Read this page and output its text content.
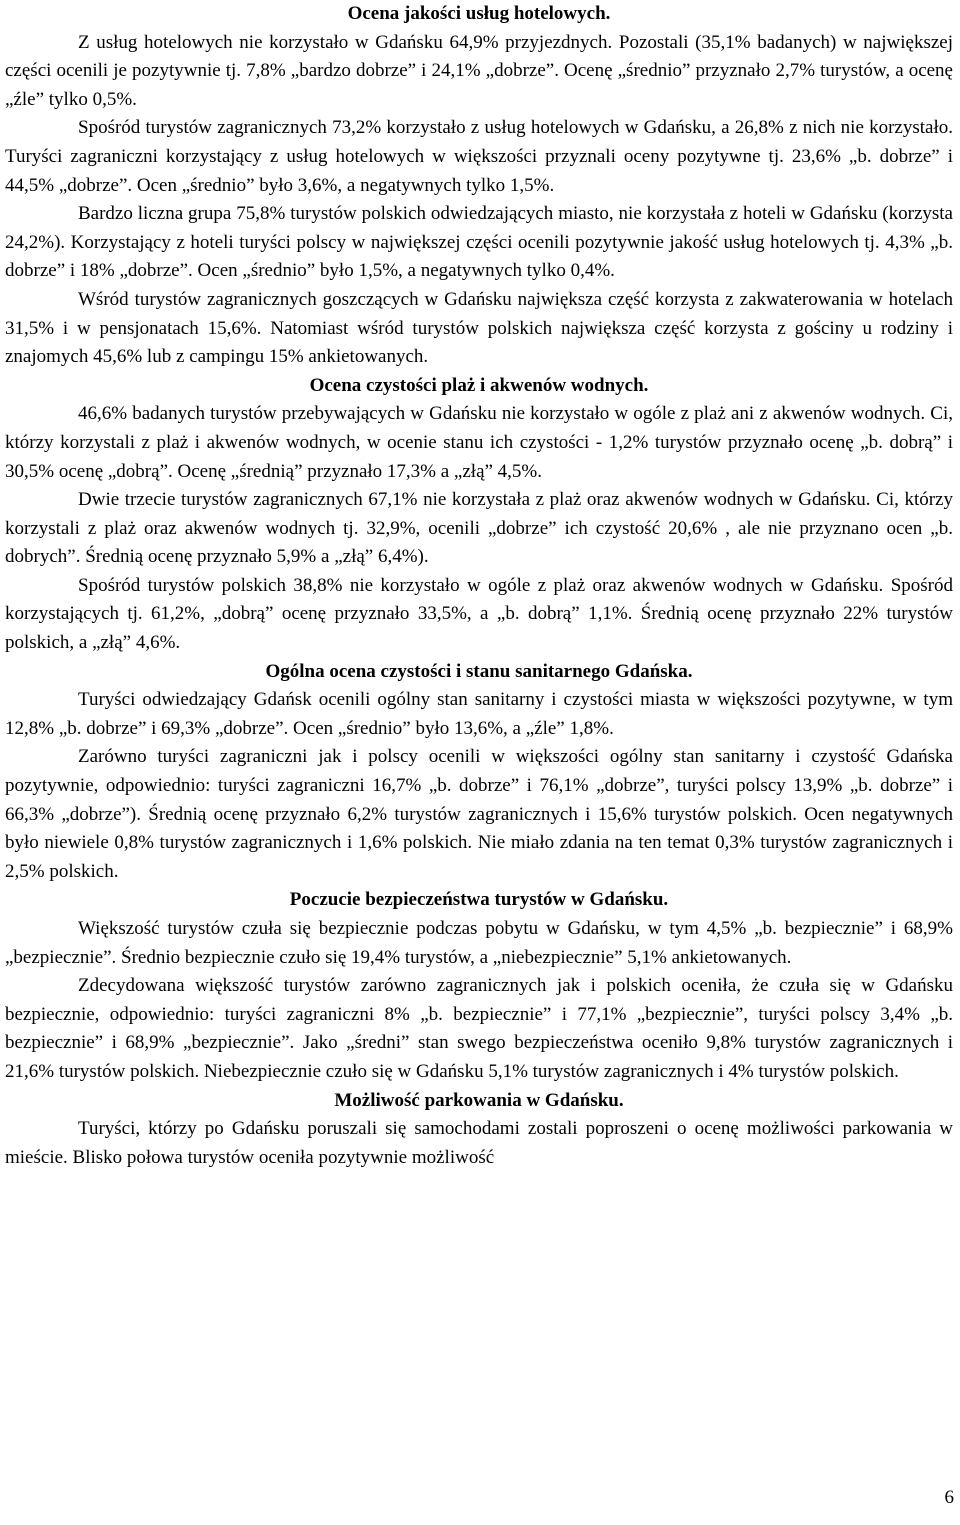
Ocena jakości usług hotelowych.

Z usług hotelowych nie korzystało w Gdańsku 64,9% przyjezdnych. Pozostali (35,1% badanych) w największej części ocenili je pozytywnie tj. 7,8% „bardzo dobrze” i 24,1% „dobrze”. Ocenę „średnio” przyznało 2,7% turystów, a ocenę „źle” tylko 0,5%.

Spośród turystów zagranicznych 73,2% korzystało z usług hotelowych w Gdańsku, a 26,8% z nich nie korzystało. Turyści zagraniczni korzystający z usług hotelowych w większości przyznali oceny pozytywne tj. 23,6% „b. dobrze” i 44,5% „dobrze”. Ocen „średnio” było 3,6%, a negatywnych tylko 1,5%.

Bardzo liczna grupa 75,8% turystów polskich odwiedzających miasto, nie korzystała z hoteli w Gdańsku (korzysta 24,2%). Korzystający z hoteli turyści polscy w największej części ocenili pozytywnie jakość usług hotelowych tj. 4,3% „b. dobrze” i 18% „dobrze”. Ocen „średnio” było 1,5%, a negatywnych tylko 0,4%.

Wśród turystów zagranicznych goszczących w Gdańsku największa część korzysta z zakwaterowania w hotelach 31,5% i w pensjonatach 15,6%. Natomiast wśród turystów polskich największa część korzysta z gościny u rodziny i znajomych 45,6% lub z campingu 15% ankietowanych.

Ocena czystości plaż i akwenów wodnych.

46,6% badanych turystów przebywających w Gdańsku nie korzystało w ogóle z plaż ani z akwenów wodnych. Ci, którzy korzystali z plaż i akwenów wodnych, w ocenie stanu ich czystości - 1,2% turystów przyznało ocenę „b. dobrą” i 30,5% ocenę „dobrą”. Ocenę „średnią” przyznało 17,3% a „złą” 4,5%.

Dwie trzecie turystów zagranicznych 67,1% nie korzystała z plaż oraz akwenów wodnych w Gdańsku. Ci, którzy korzystali z plaż oraz akwenów wodnych tj. 32,9%, ocenili „dobrze” ich czystość 20,6% , ale nie przyznano ocen „b. dobrych”. Średnią ocenę przyznało 5,9% a „złą” 6,4%).

Spośród turystów polskich 38,8% nie korzystało w ogóle z plaż oraz akwenów wodnych w Gdańsku. Spośród korzystających tj. 61,2%, „dobrą” ocenę przyznało 33,5%, a „b. dobrą” 1,1%. Średnią ocenę przyznało 22% turystów polskich, a „złą” 4,6%.

Ogólna ocena czystości i stanu sanitarnego Gdańska.

Turyści odwiedzający Gdańsk ocenili ogólny stan sanitarny i czystości miasta w większości pozytywne, w tym 12,8% „b. dobrze” i 69,3% „dobrze”. Ocen „średnio” było 13,6%, a „źle” 1,8%.

Zarówno turyści zagraniczni jak i polscy ocenili w większości ogólny stan sanitarny i czystość Gdańska pozytywnie, odpowiednio: turyści zagraniczni 16,7% „b. dobrze” i 76,1% „dobrze”, turyści polscy 13,9% „b. dobrze” i 66,3% „dobrze”). Średnią ocenę przyznało 6,2% turystów zagranicznych i 15,6% turystów polskich. Ocen negatywnych było niewiele 0,8% turystów zagranicznych i 1,6% polskich. Nie miało zdania na ten temat 0,3% turystów zagranicznych i 2,5% polskich.

Poczucie bezpieczeństwa turystów w Gdańsku.

Większość turystów czuła się bezpiecznie podczas pobytu w Gdańsku, w tym 4,5% „b. bezpiecznie” i 68,9% „bezpiecznie”. Średnio bezpiecznie czuło się 19,4% turystów, a „niebezpiecznie” 5,1% ankietowanych.

Zdecydowana większość turystów zarówno zagranicznych jak i polskich oceniła, że czuła się w Gdańsku bezpiecznie, odpowiednio: turyści zagraniczni 8% „b. bezpiecznie” i 77,1% „bezpiecznie”, turyści polscy 3,4% „b. bezpiecznie” i 68,9% „bezpiecznie”. Jako „średni” stan swego bezpieczeństwa oceniło 9,8% turystów zagranicznych i 21,6% turystów polskich. Niebezpiecznie czuło się w Gdańsku 5,1% turystów zagranicznych i 4% turystów polskich.

Możliwość parkowania w Gdańsku.

Turyści, którzy po Gdańsku poruszali się samochodami zostali poproszeni o ocenę możliwości parkowania w mieście. Blisko połowa turystów oceniła pozytywnie możliwość

6
